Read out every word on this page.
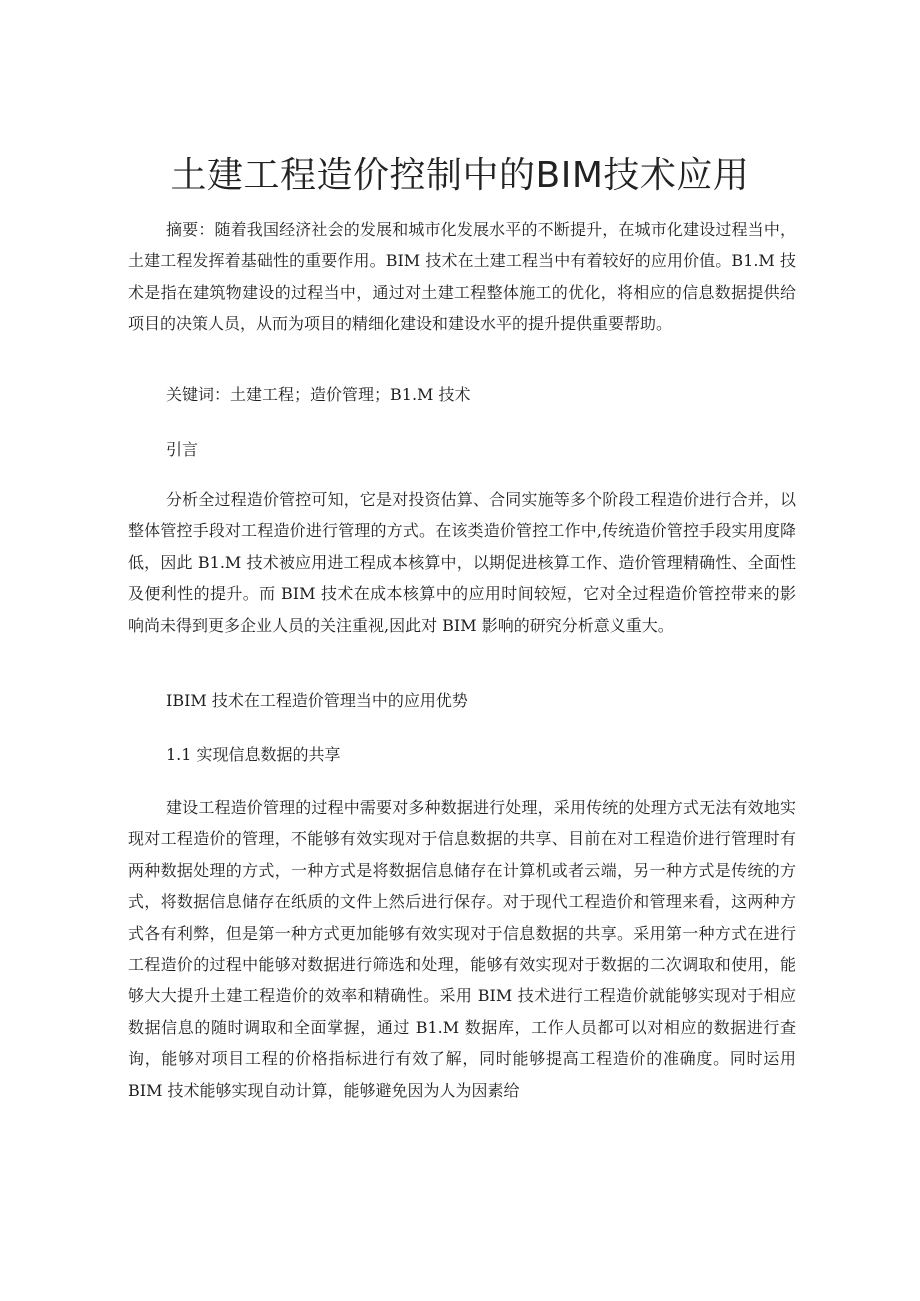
土建工程造价控制中的BIM技术应用

摘要：随着我国经济社会的发展和城市化发展水平的不断提升，在城市化建设过程当中，土建工程发挥着基础性的重要作用。BIM 技术在土建工程当中有着较好的应用价值。B1.M 技术是指在建筑物建设的过程当中，通过对土建工程整体施工的优化，将相应的信息数据提供给项目的决策人员，从而为项目的精细化建设和建设水平的提升提供重要帮助。

关键词：土建工程；造价管理；B1.M 技术

引言

分析全过程造价管控可知，它是对投资估算、合同实施等多个阶段工程造价进行合并，以整体管控手段对工程造价进行管理的方式。在该类造价管控工作中,传统造价管控手段实用度降低，因此 B1.M 技术被应用进工程成本核算中，以期促进核算工作、造价管理精确性、全面性及便利性的提升。而 BIM 技术在成本核算中的应用时间较短，它对全过程造价管控带来的影响尚未得到更多企业人员的关注重视,因此对 BIM 影响的研究分析意义重大。

IBIM 技术在工程造价管理当中的应用优势

1.1 实现信息数据的共享

建设工程造价管理的过程中需要对多种数据进行处理，采用传统的处理方式无法有效地实现对工程造价的管理，不能够有效实现对于信息数据的共享、目前在对工程造价进行管理时有两种数据处理的方式，一种方式是将数据信息储存在计算机或者云端，另一种方式是传统的方式，将数据信息储存在纸质的文件上然后进行保存。对于现代工程造价和管理来看，这两种方式各有利弊，但是第一种方式更加能够有效实现对于信息数据的共享。采用第一种方式在进行工程造价的过程中能够对数据进行筛选和处理，能够有效实现对于数据的二次调取和使用，能够大大提升土建工程造价的效率和精确性。采用 BIM 技术进行工程造价就能够实现对于相应数据信息的随时调取和全面掌握，通过 B1.M 数据库，工作人员都可以对相应的数据进行查询，能够对项目工程的价格指标进行有效了解，同时能够提高工程造价的准确度。同时运用 BIM 技术能够实现自动计算，能够避免因为人为因素给
